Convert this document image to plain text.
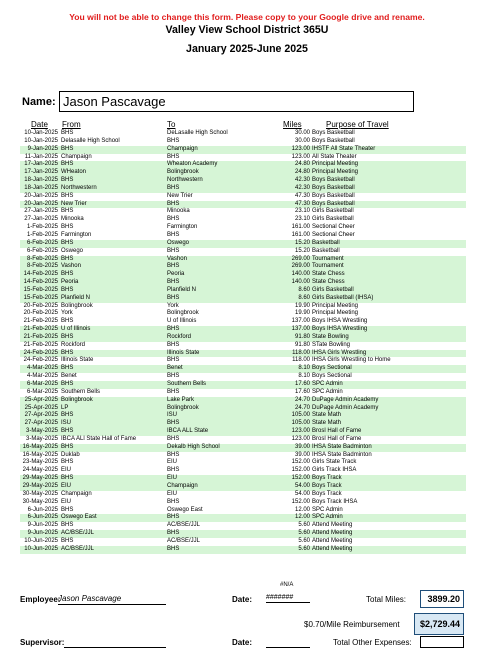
You will not be able to change this form. Please copy to your Google drive and rename.
Valley View School District 365U
January 2025-June 2025
Name: Jason Pascavage
Date From	To	Miles	Purpose of Travel
10-Jan-2025 BHS	DeLasalle High School	30.00 Boys Basketball
10-Jan-2025 Delasalle High School	BHS	30.00 Boys Basketball
9-Jan-2025 BHS	Champaign	123.00 IHSTF All State Theater
11-Jan-2025 Champaign	BHS	123.00 All State Theater
17-Jan-2025 BHS	Wheaton Academy	24.80 Principal Meeting
17-Jan-2025 WHeaton	Bolingbrook	24.80 Principal Meeting
18-Jan-2025 BHS	Northwestern	42.30 Boys Basketball
18-Jan-2025 Northwestern	BHS	42.30 Boys Basketball
20-Jan-2025 BHS	New Trier	47.30 Boys Basketball
20-Jan-2025 New Trier	BHS	47.30 Boys Basketball
27-Jan-2025 BHS	Minooka	23.10 Girls Basketball
27-Jan-2025 Minooka	BHS	23.10 Girls Basketball
1-Feb-2025 BHS	Farmington	161.00 Sectional Cheer
1-Feb-2025 Farmington	BHS	161.00 Sectional Cheer
6-Feb-2025 BHS	Oswego	15.20 Basketball
6-Feb-2025 Oswego	BHS	15.20 Basketball
8-Feb-2025 BHS	Vashon	269.00 Tournament
8-Feb-2025 Vashon	BHS	269.00 Tournament
14-Feb-2025 BHS	Peoria	140.00 State Chess
14-Feb-2025 Peoria	BHS	140.00 State Chess
15-Feb-2025 BHS	Planfield N	8.60 Girls Basketball
15-Feb-2025 Planfield N	BHS	8.60 Girls Basketball (IHSA)
20-Feb-2025 Bolingbrook	York	19.90 Principal Meeting
20-Feb-2025 York	Bolingbrook	19.90 Principal Meeting
21-Feb-2025 BHS	U of Illinois	137.00 Boys IHSA Wrestling
21-Feb-2025 U of Illinois	BHS	137.00 Boys IHSA Wrestling
21-Feb-2025 BHS	Rockford	91.80 State Bowling
21-Feb-2025 Rockford	BHS	91.80 STate Bowling
24-Feb-2025 BHS	Illinois State	118.00 IHSA Girls Wrestling
24-Feb-2025 Illinois State	BHS	118.00 IHSA Girls Wrestling to Home
4-Mar-2025 BHS	Benet	8.10 Boys Sectional
4-Mar-2025 Benet	BHS	8.10 Boys Sectional
6-Mar-2025 BHS	Southern Bells	17.60 SPC Admin
6-Mar-2025 Southern Bells	BHS	17.60 SPC Admin
25-Apr-2025 Bolingbrook	Lake Park	24.70 DuPage Admin Academy
25-Apr-2025 LP	Bolingbrook	24.70 DuPage Admin Academy
27-Apr-2025 BHS	ISU	105.00 State Math
27-Apr-2025 ISU	BHS	105.00 State Math
3-May-2025 BHS	IBCA ALL State	123.00 Brosl Hall of Fame
3-May-2025 IBCA ALl State Hall of Fame	BHS	123.00 Brosl Hall of Fame
16-May-2025 BHS	Dekalb High School	39.00 IHSA State Badminton
16-May-2025 Duklab	BHS	39.00 IHSA State Badminton
23-May-2025 BHS	EIU	152.00 Girls State Track
24-May-2025 EIU	BHS	152.00 Girls Track IHSA
29-May-2025 BHS	EIU	152.00 Boys Track
29-May-2025 EIU	Champaign	54.00 Boys Track
30-May-2025 Champaign	EIU	54.00 Boys Track
30-May-2025 EIU	BHS	152.00 Boys Track IHSA
6-Jun-2025 BHS	Oswego East	12.00 SPC Admin
6-Jun-2025 Oswego East	BHS	12.00 SPC Admin
9-Jun-2025 BHS	AC/BSE/JJL	5.60 Attend Meeting
9-Jun-2025 AC/BSE/JJL	BHS	5.60 Attend Meeting
10-Jun-2025 BHS	AC/BSE/JJL	5.60 Attend Meeting
10-Jun-2025 AC/BSE/JJL	BHS	5.60 Attend Meeting
#N/A
Employee:
Jason Pascavage	Date: #######	Total Miles:	3899.20
$0.70/Mile Reimbursement	$2,729.44
Supervisor:	Date:	Total Other Expenses:
